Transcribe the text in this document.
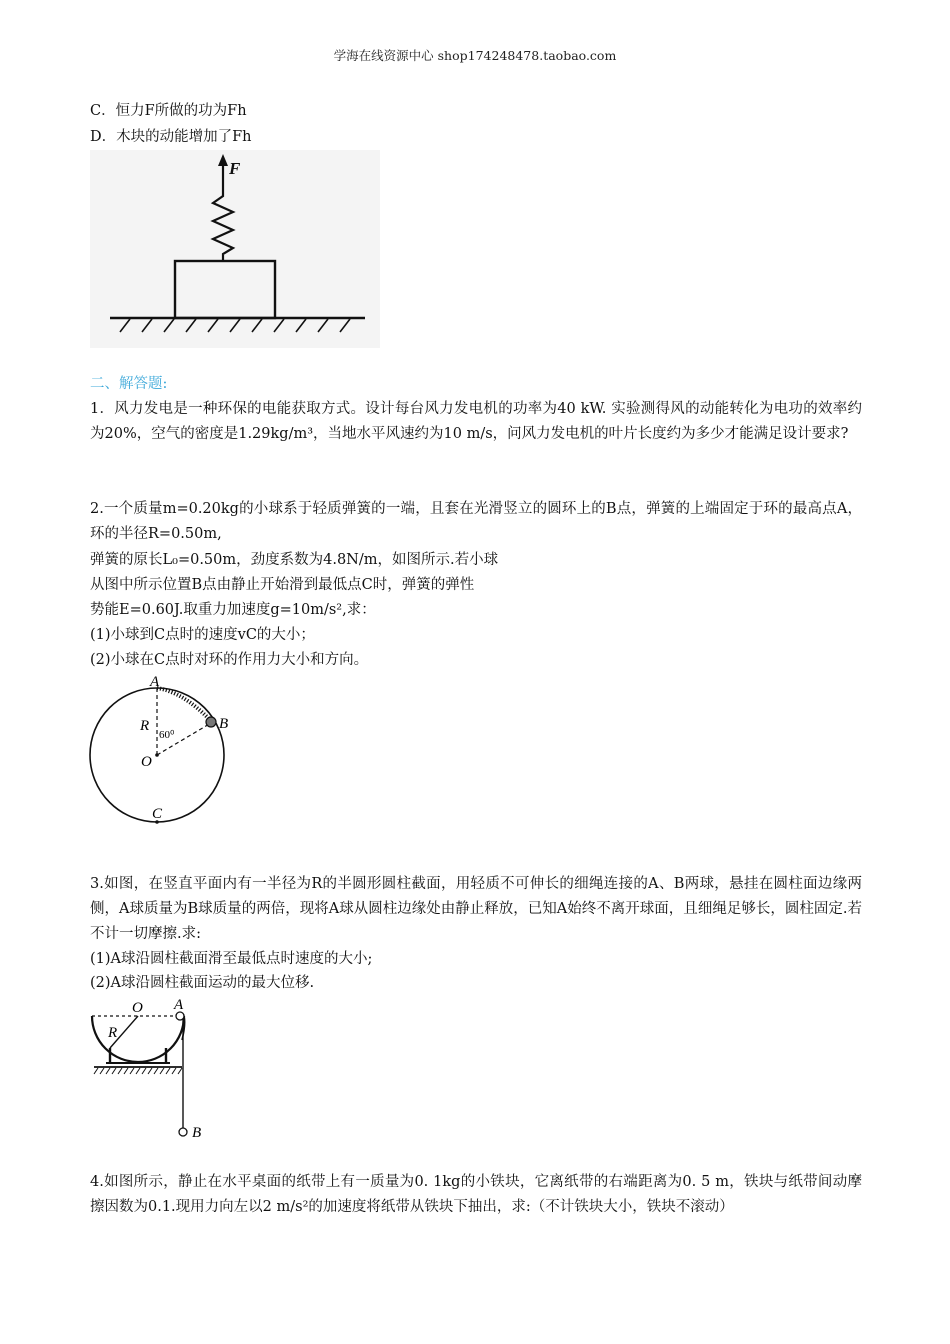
学海在线资源中心 shop174248478.taobao.com
C．恒力F所做的功为Fh
D．木块的动能增加了Fh
F
二、解答题:
1．风力发电是一种环保的电能获取方式。设计每台风力发电机的功率为40 kW. 实验测得风的动能转化为电功的效率约为20%，空气的密度是1.29kg/m³，当地水平风速约为10 m/s，问风力发电机的叶片长度约为多少才能满足设计要求?
2.一个质量m=0.20kg的小球系于轻质弹簧的一端，且套在光滑竖立的圆环上的B点，弹簧的上端固定于环的最高点A，环的半径R=0.50m,
弹簧的原长L₀=0.50m，劲度系数为4.8N/m，如图所示.若小球
从图中所示位置B点由静止开始滑到最低点C时，弹簧的弹性
势能E=0.60J.取重力加速度g=10m/s²,求：
(1)小球到C点时的速度vC的大小；
(2)小球在C点时对环的作用力大小和方向。
A
B
R
60⁰
O
C
3.如图，在竖直平面内有一半径为R的半圆形圆柱截面，用轻质不可伸长的细绳连接的A、B两球，悬挂在圆柱面边缘两侧，A球质量为B球质量的两倍，现将A球从圆柱边缘处由静止释放，已知A始终不离开球面，且细绳足够长，圆柱固定.若不计一切摩擦.求:
(1)A球沿圆柱截面滑至最低点时速度的大小;
(2)A球沿圆柱截面运动的最大位移.
O A
R
B
4.如图所示，静止在水平桌面的纸带上有一质量为0. 1kg的小铁块，它离纸带的右端距离为0. 5 m，铁块与纸带间动摩擦因数为0.1.现用力向左以2 m/s²的加速度将纸带从铁块下抽出，求:（不计铁块大小，铁块不滚动）
